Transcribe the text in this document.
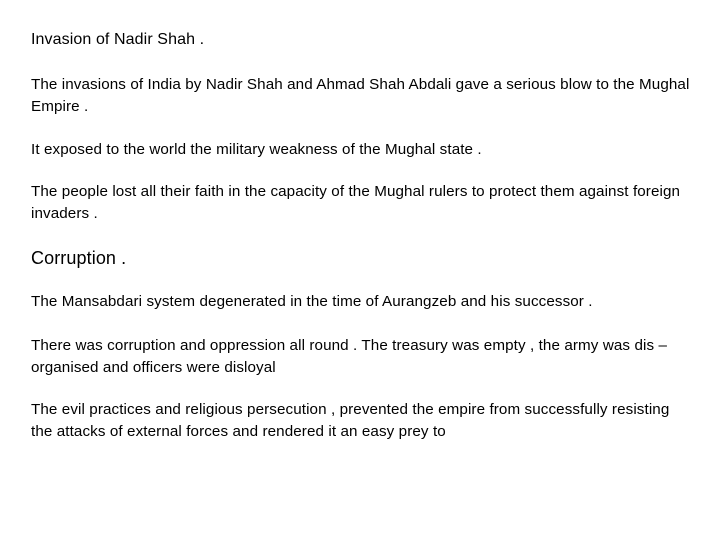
Invasion of Nadir Shah .

The invasions of India by Nadir Shah and Ahmad Shah Abdali gave a serious blow to the Mughal Empire .

It exposed to the world the military weakness of the Mughal state .

The people lost all their faith in the capacity of the Mughal rulers to protect them against foreign invaders .

Corruption .

The Mansabdari system degenerated in the time of Aurangzeb and his successor .

There was corruption and oppression all round . The treasury was empty , the army was dis – organised and officers were disloyal

The evil practices and religious persecution , prevented the empire from successfully resisting the attacks of external forces and rendered it an easy prey to
